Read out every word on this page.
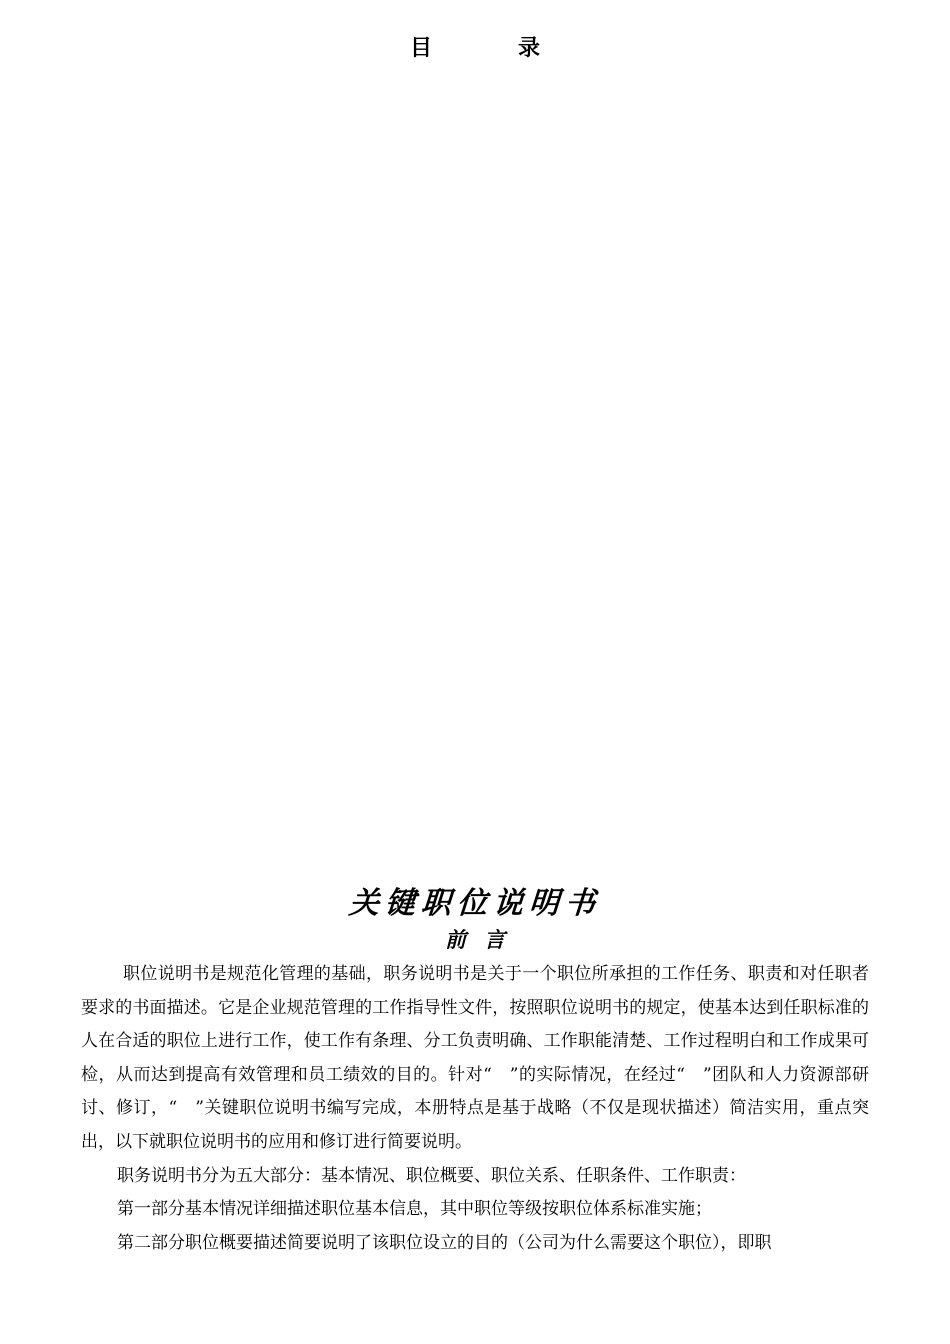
目录
关键职位说明书
前言

职位说明书是规范化管理的基础，职务说明书是关于一个职位所承担的工作任务、职责和对任职者要求的书面描述。它是企业规范管理的工作指导性文件，按照职位说明书的规定，使基本达到任职标准的人在合适的职位上进行工作，使工作有条理、分工负责明确、工作职能清楚、工作过程明白和工作成果可检，从而达到提高有效管理和员工绩效的目的。针对“　”的实际情况，在经过“　”团队和人力资源部研讨、修订，“　”关键职位说明书编写完成，本册特点是基于战略（不仅是现状描述）简洁实用，重点突出，以下就职位说明书的应用和修订进行简要说明。

职务说明书分为五大部分：基本情况、职位概要、职位关系、任职条件、工作职责：

第一部分基本情况详细描述职位基本信息，其中职位等级按职位体系标准实施；

第二部分职位概要描述简要说明了该职位设立的目的（公司为什么需要这个职位），即职
